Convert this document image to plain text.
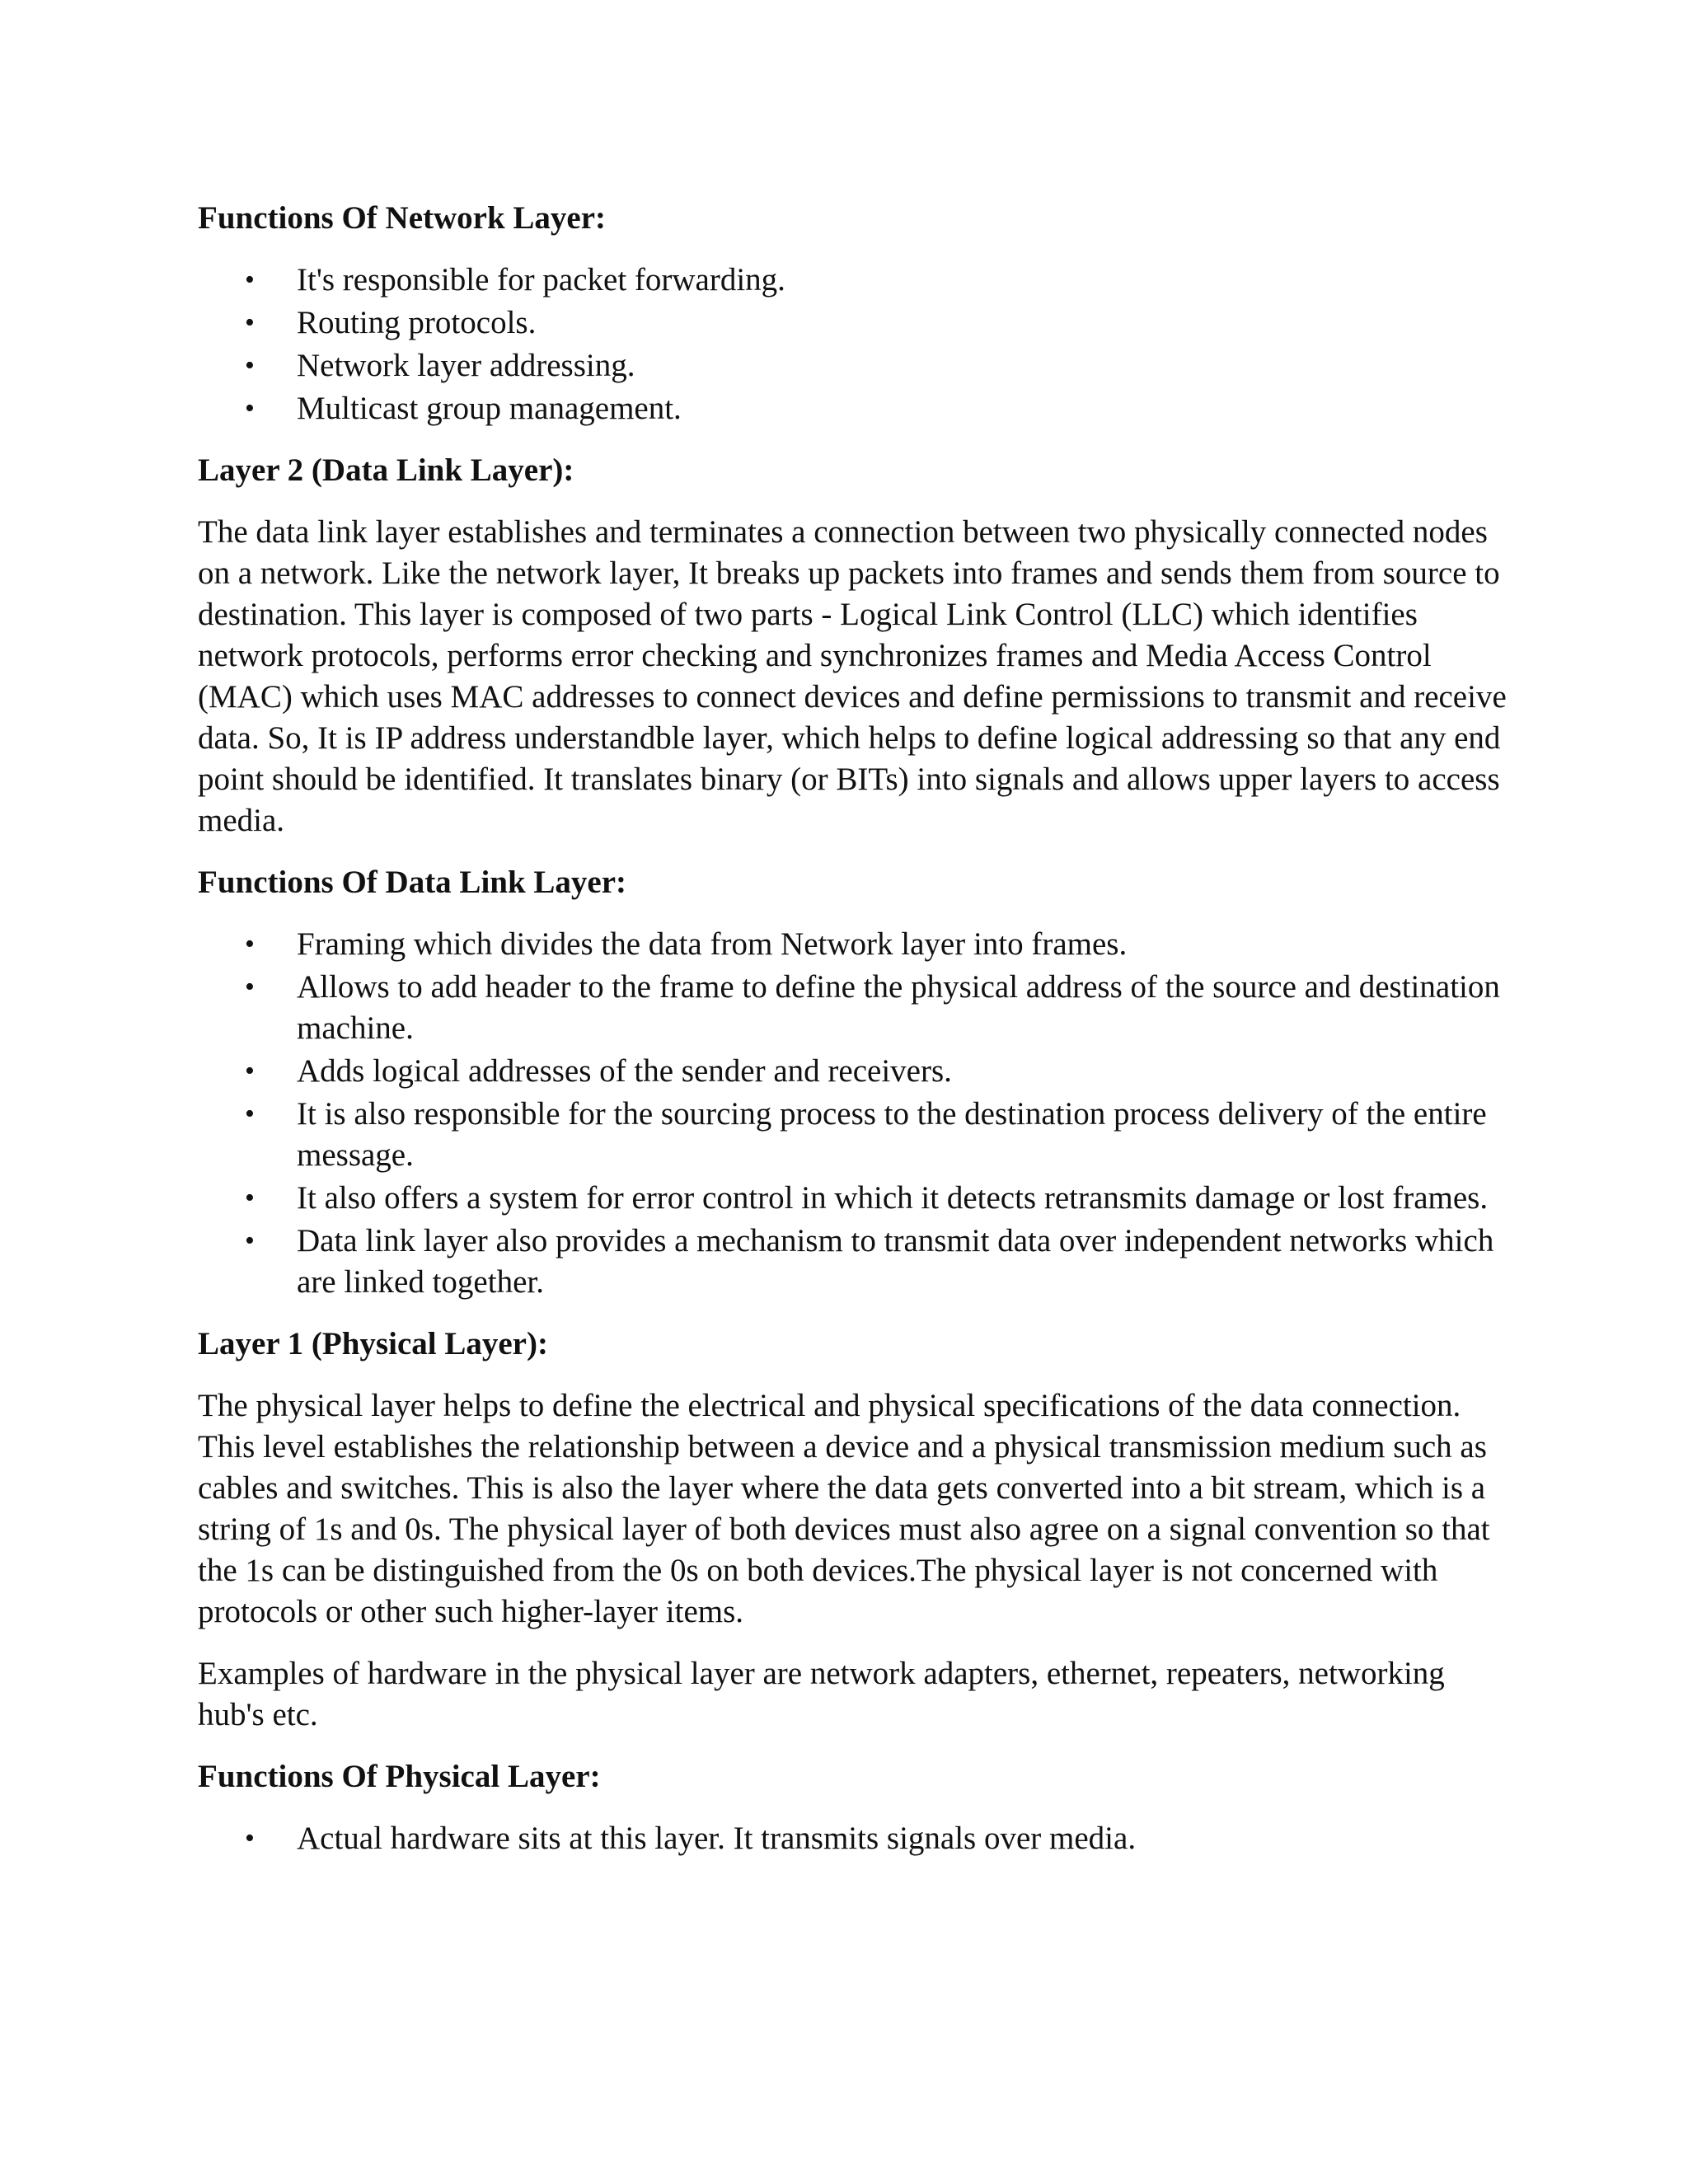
Functions Of Network Layer:
• It's responsible for packet forwarding.
• Routing protocols.
• Network layer addressing.
• Multicast group management.
Layer 2 (Data Link Layer):

The data link layer establishes and terminates a connection between two physically connected nodes on a network. Like the network layer, It breaks up packets into frames and sends them from source to destination. This layer is composed of two parts - Logical Link Control (LLC) which identifies network protocols, performs error checking and synchronizes frames and Media Access Control (MAC) which uses MAC addresses to connect devices and define permissions to transmit and receive data. So, It is IP address understandble layer, which helps to define logical addressing so that any end point should be identified. It translates binary (or BITs) into signals and allows upper layers to access media.

Functions Of Data Link Layer:
• Framing which divides the data from Network layer into frames.
• Allows to add header to the frame to define the physical address of the source and destination machine.
• Adds logical addresses of the sender and receivers.
• It is also responsible for the sourcing process to the destination process delivery of the entire message.
• It also offers a system for error control in which it detects retransmits damage or lost frames.
• Data link layer also provides a mechanism to transmit data over independent networks which are linked together.
Layer 1 (Physical Layer):

The physical layer helps to define the electrical and physical specifications of the data connection. This level establishes the relationship between a device and a physical transmission medium such as cables and switches. This is also the layer where the data gets converted into a bit stream, which is a string of 1s and 0s. The physical layer of both devices must also agree on a signal convention so that the 1s can be distinguished from the 0s on both devices.The physical layer is not concerned with protocols or other such higher-layer items.

Examples of hardware in the physical layer are network adapters, ethernet, repeaters, networking hub's etc.

Functions Of Physical Layer:
• Actual hardware sits at this layer. It transmits signals over media.
